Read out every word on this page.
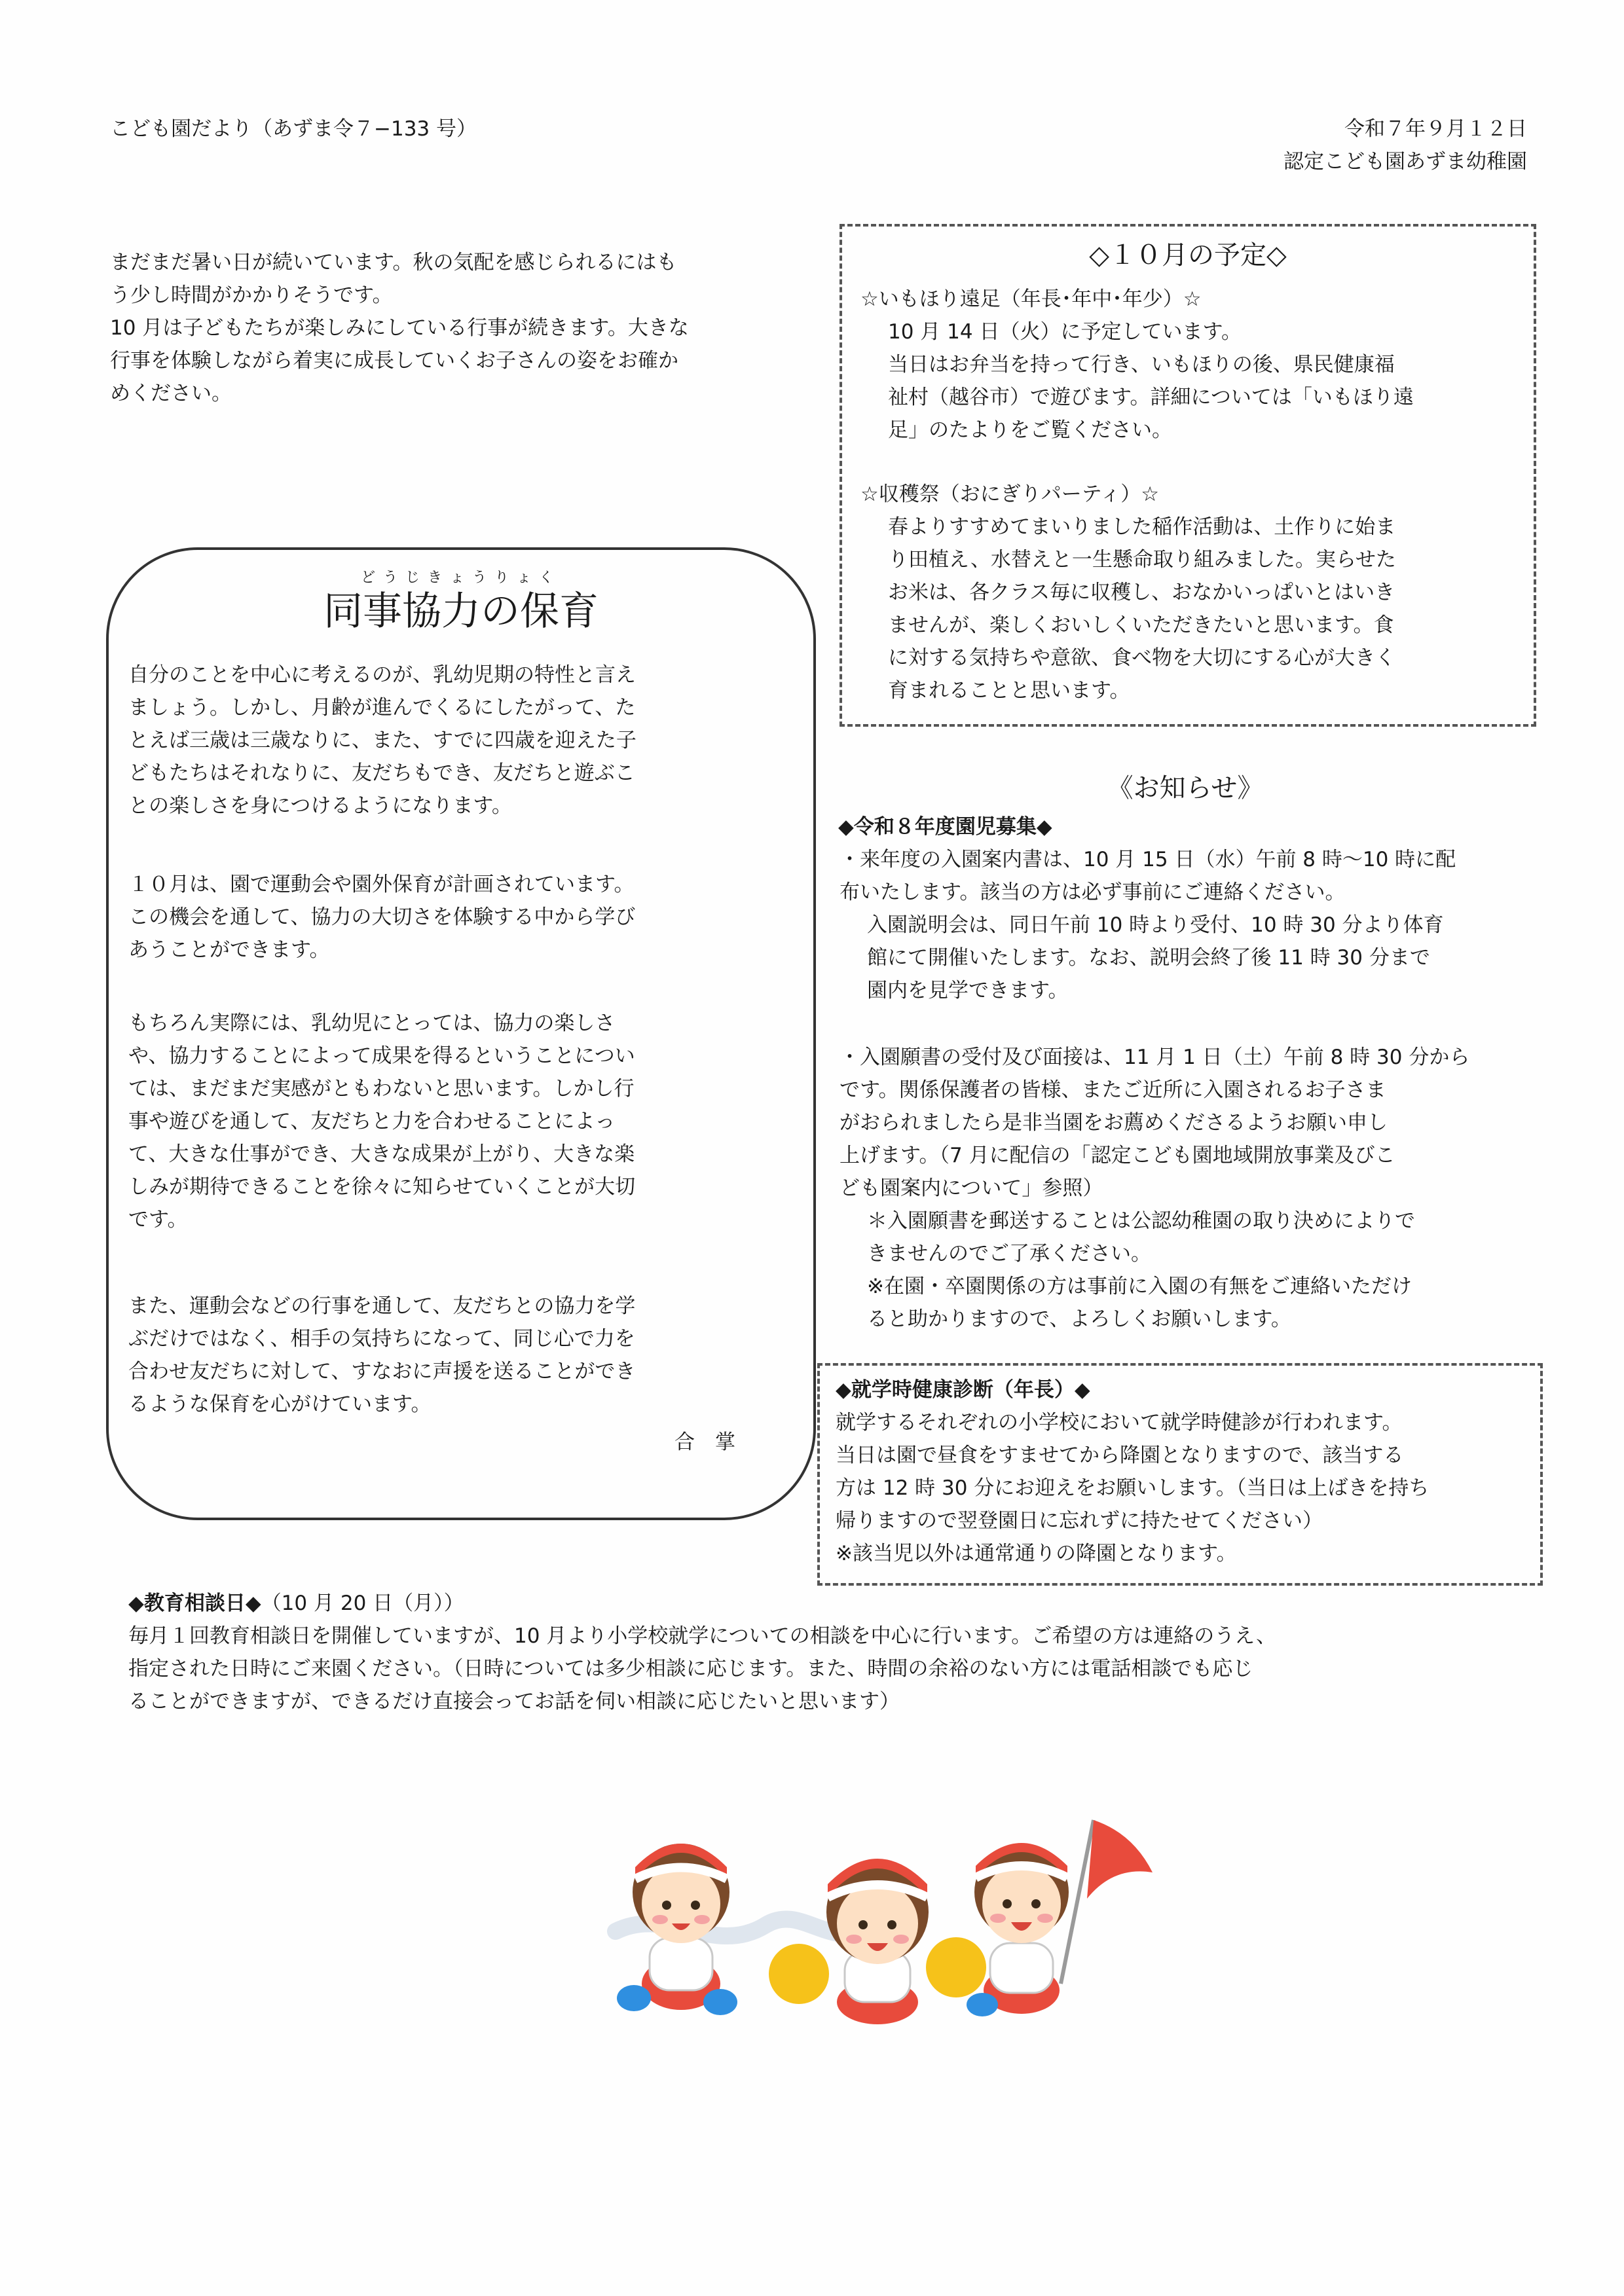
こども園だより（あずま令７−133 号）	令和７年９月１２日
認定こども園あずま幼稚園
まだまだ暑い日が続いています。秋の気配を感じられるにはも
う少し時間がかかりそうです。
10 月は子どもたちが楽しみにしている行事が続きます。大きな
行事を体験しながら着実に成長していくお子さんの姿をお確か
めください。
◇１０月の予定◇
☆いもほり遠足（年長･年中･年少）☆
10 月 14 日（火）に予定しています。
当日はお弁当を持って行き、いもほりの後、県民健康福
祉村（越谷市）で遊びます。詳細については「いもほり遠
足」のたよりをご覧ください。
☆収穫祭（おにぎりパーティ）☆
春よりすすめてまいりました稲作活動は、土作りに始ま
り田植え、水替えと一生懸命取り組みました。実らせた
お米は、各クラス毎に収穫し、おなかいっぱいとはいき
ませんが、楽しくおいしくいただきたいと思います。食
に対する気持ちや意欲、食べ物を大切にする心が大きく
育まれることと思います。
どうじきょうりょく
同事協力の保育
自分のことを中心に考えるのが、乳幼児期の特性と言え
ましょう。しかし、月齢が進んでくるにしたがって、た
とえば三歳は三歳なりに、また、すでに四歳を迎えた子
どもたちはそれなりに、友だちもでき、友だちと遊ぶこ
との楽しさを身につけるようになります。
１０月は、園で運動会や園外保育が計画されています。
この機会を通して、協力の大切さを体験する中から学び
あうことができます。
もちろん実際には、乳幼児にとっては、協力の楽しさ
や、協力することによって成果を得るということについ
ては、まだまだ実感がともわないと思います。しかし行
事や遊びを通して、友だちと力を合わせることによっ
て、大きな仕事ができ、大きな成果が上がり、大きな楽
しみが期待できることを徐々に知らせていくことが大切
です。
また、運動会などの行事を通して、友だちとの協力を学
ぶだけではなく、相手の気持ちになって、同じ心で力を
合わせ友だちに対して、すなおに声援を送ることができ
るような保育を心がけています。
合　掌
《お知らせ》
◆令和８年度園児募集◆
・来年度の入園案内書は、10 月 15 日（水）午前 8 時〜10 時に配
布いたします。該当の方は必ず事前にご連絡ください。
入園説明会は、同日午前 10 時より受付、10 時 30 分より体育
館にて開催いたします。なお、説明会終了後 11 時 30 分まで
園内を見学できます。
・入園願書の受付及び面接は、11 月 1 日（土）午前 8 時 30 分から
です。関係保護者の皆様、またご近所に入園されるお子さま
がおられましたら是非当園をお薦めくださるようお願い申し
上げます。（7 月に配信の「認定こども園地域開放事業及びこ
ども園案内について」参照）
＊入園願書を郵送することは公認幼稚園の取り決めによりで
きませんのでご了承ください。
※在園・卒園関係の方は事前に入園の有無をご連絡いただけ
ると助かりますので、よろしくお願いします。
◆就学時健康診断（年長）◆
就学するそれぞれの小学校において就学時健診が行われます。
当日は園で昼食をすませてから降園となりますので、該当する
方は 12 時 30 分にお迎えをお願いします。（当日は上ばきを持ち
帰りますので翌登園日に忘れずに持たせてください）
※該当児以外は通常通りの降園となります。
◆教育相談日◆（10 月 20 日（月））
毎月１回教育相談日を開催していますが、10 月より小学校就学についての相談を中心に行います。ご希望の方は連絡のうえ、
指定された日時にご来園ください。（日時については多少相談に応じます。また、時間の余裕のない方には電話相談でも応じ
ることができますが、できるだけ直接会ってお話を伺い相談に応じたいと思います）
